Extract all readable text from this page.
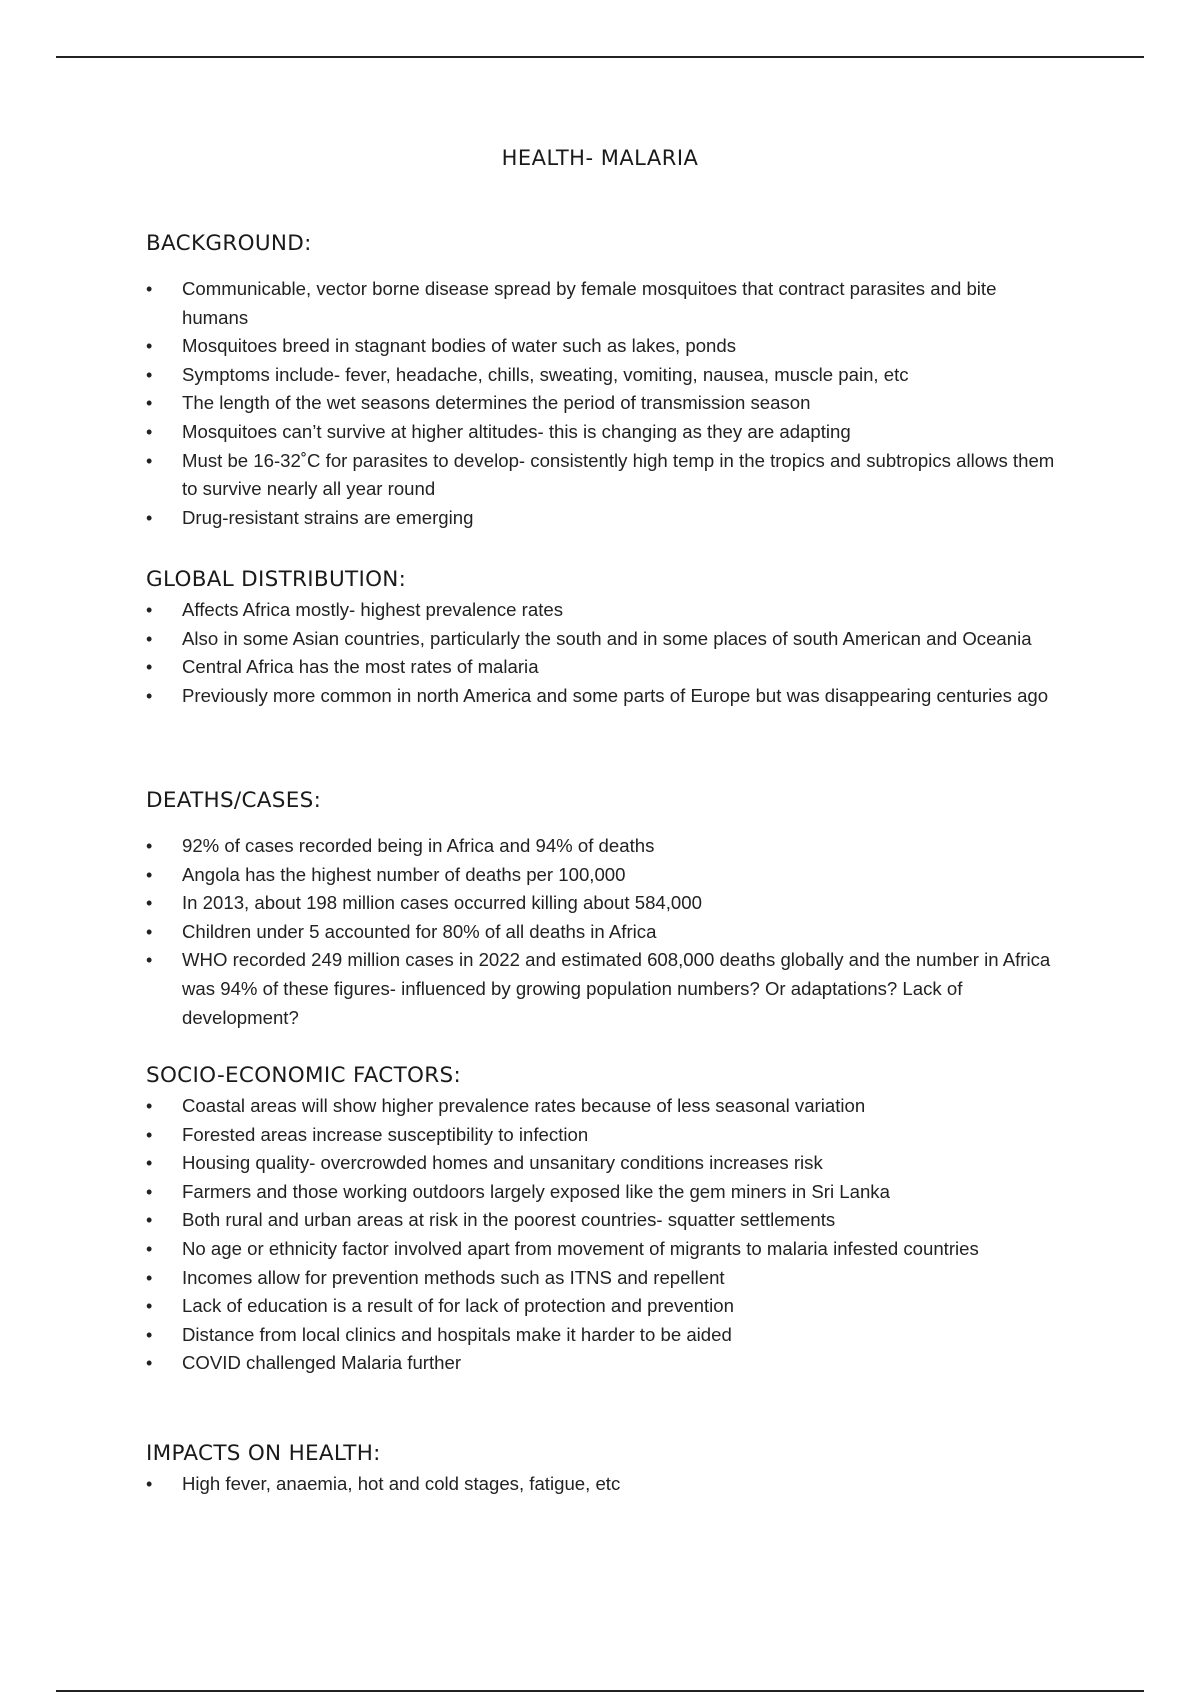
HEALTH- MALARIA
BACKGROUND:
• Communicable, vector borne disease spread by female mosquitoes that contract parasites and bite humans
• Mosquitoes breed in stagnant bodies of water such as lakes, ponds
• Symptoms include- fever, headache, chills, sweating, vomiting, nausea, muscle pain, etc
• The length of the wet seasons determines the period of transmission season
• Mosquitoes can’t survive at higher altitudes- this is changing as they are adapting
• Must be 16-32˚C for parasites to develop- consistently high temp in the tropics and subtropics allows them to survive nearly all year round
• Drug-resistant strains are emerging
GLOBAL DISTRIBUTION:
• Affects Africa mostly- highest prevalence rates
• Also in some Asian countries, particularly the south and in some places of south American and Oceania
• Central Africa has the most rates of malaria
• Previously more common in north America and some parts of Europe but was disappearing centuries ago
DEATHS/CASES:
• 92% of cases recorded being in Africa and 94% of deaths
• Angola has the highest number of deaths per 100,000
• In 2013, about 198 million cases occurred killing about 584,000
• Children under 5 accounted for 80% of all deaths in Africa
• WHO recorded 249 million cases in 2022 and estimated 608,000 deaths globally and the number in Africa was 94% of these figures- influenced by growing population numbers? Or adaptations? Lack of development?
SOCIO-ECONOMIC FACTORS:
• Coastal areas will show higher prevalence rates because of less seasonal variation
• Forested areas increase susceptibility to infection
• Housing quality- overcrowded homes and unsanitary conditions increases risk
• Farmers and those working outdoors largely exposed like the gem miners in Sri Lanka
• Both rural and urban areas at risk in the poorest countries- squatter settlements
• No age or ethnicity factor involved apart from movement of migrants to malaria infested countries
• Incomes allow for prevention methods such as ITNS and repellent
• Lack of education is a result of for lack of protection and prevention
• Distance from local clinics and hospitals make it harder to be aided
• COVID challenged Malaria further
IMPACTS ON HEALTH:
• High fever, anaemia, hot and cold stages, fatigue, etc
